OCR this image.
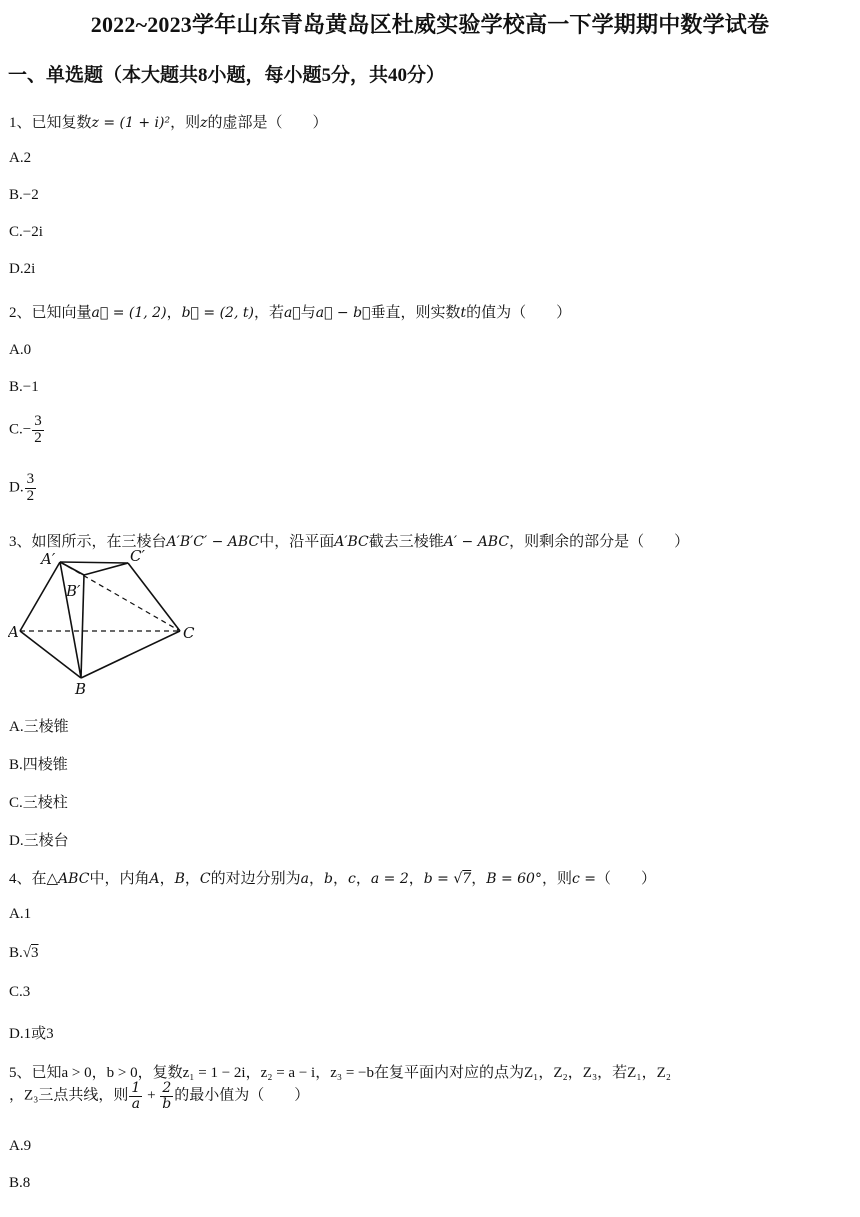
2022~2023学年山东青岛黄岛区杜威实验学校高一下学期期中数学试卷
一、单选题（本大题共8小题，每小题5分，共40分）
1、已知复数z = (1 + i)²，则z的虚部是（　　）
A.2
B.−2
C.−2i
D.2i
2、已知向量a⃗ = (1, 2)，b⃗ = (2, t)，若a⃗与a⃗ − b⃗垂直，则实数t的值为（　　）
A.0
B.−1
$C.- \frac{3}{2}$
D. $\frac{3}{2}$
3、如图所示，在三棱台A′B′C′ − ABC中，沿平面A′BC截去三棱锥A′ − ABC，则剩余的部分是（　　）
A′	C′
B′
A	C
B
A.三棱锥
B.四棱锥
C.三棱柱
D.三棱台
4、在△ABC中，内角A，B，C的对边分别为a，b，c，a = 2，b = √7，B = 60°，则c =（　　）
A.1
B.√3
C.3
D.1或3
5、已知a > 0，b > 0，复数z₁ = 1 − 2i，z₂ = a − i，z₃ = −b在复平面内对应的点为Z₁，Z₂，Z₃，若Z₁，Z₂
，Z₃三点共线，则 $\frac{1}{a} + \frac{2}{b}$ 的最小值为（　　）
A.9
B.8
